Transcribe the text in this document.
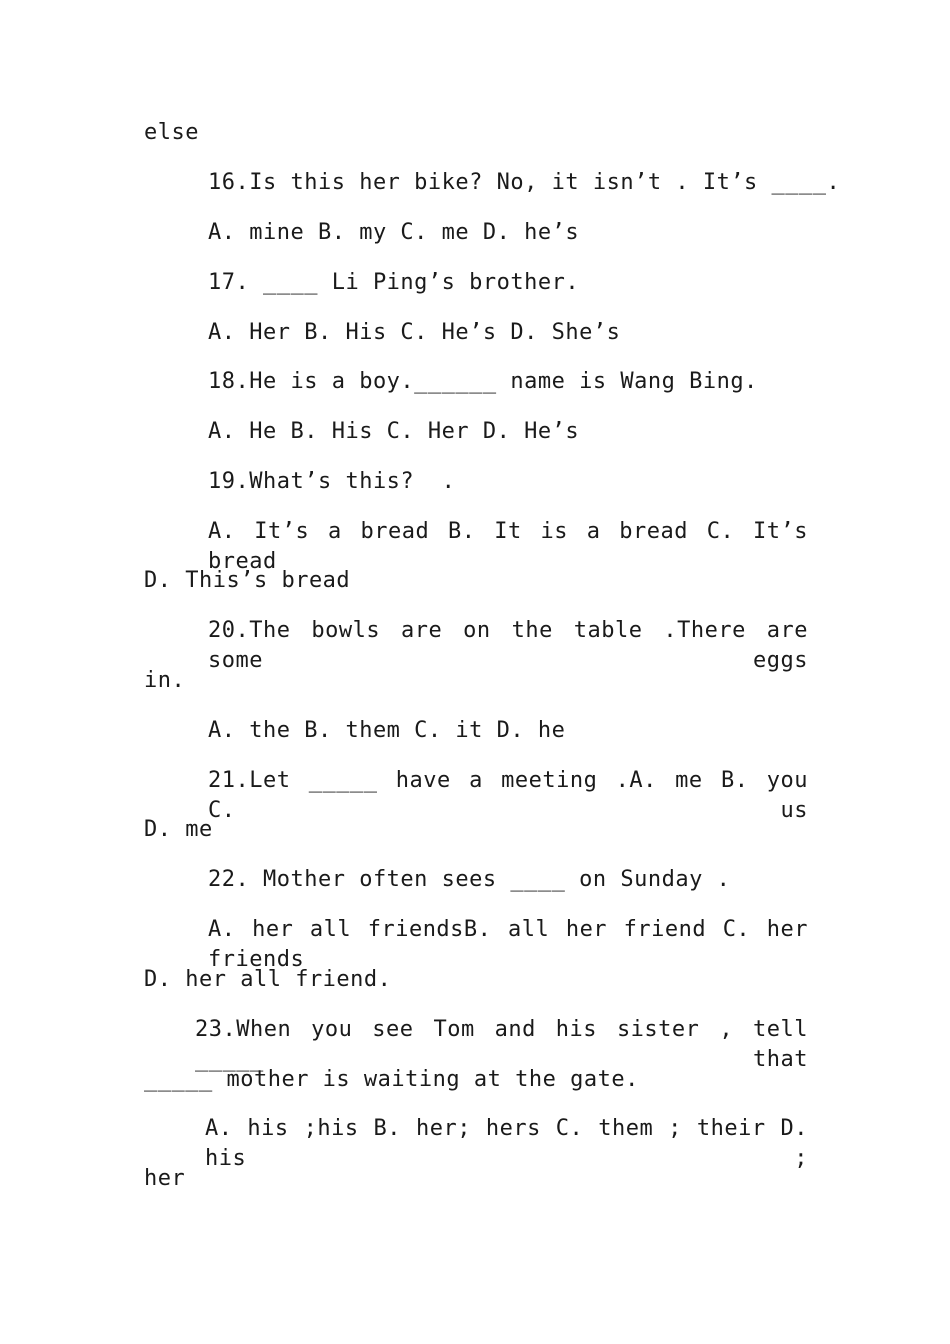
else
16.Is this her bike? No, it isn’t . It’s ____.
A. mine B. my C. me D. he’s
17. ____ Li Ping’s brother.
A. Her B. His C. He’s D. She’s
18.He is a boy.______ name is Wang Bing.
A. He B. His C. Her D. He’s
19.What’s this?  .
A. It’s a bread B. It is a bread C. It’s bread
D. This’s bread
20.The bowls are on the table .There are some eggs
in.
A. the B. them C. it D. he
21.Let _____ have a meeting .A. me B. you C. us
D. me
22. Mother often sees ____ on Sunday .
A. her all friendsB. all her friend C. her friends
D. her all friend.
23.When you see Tom and his sister , tell _____ that
_____ mother is waiting at the gate.
A. his ;his B. her; hers C. them ; their D. his ;
her
